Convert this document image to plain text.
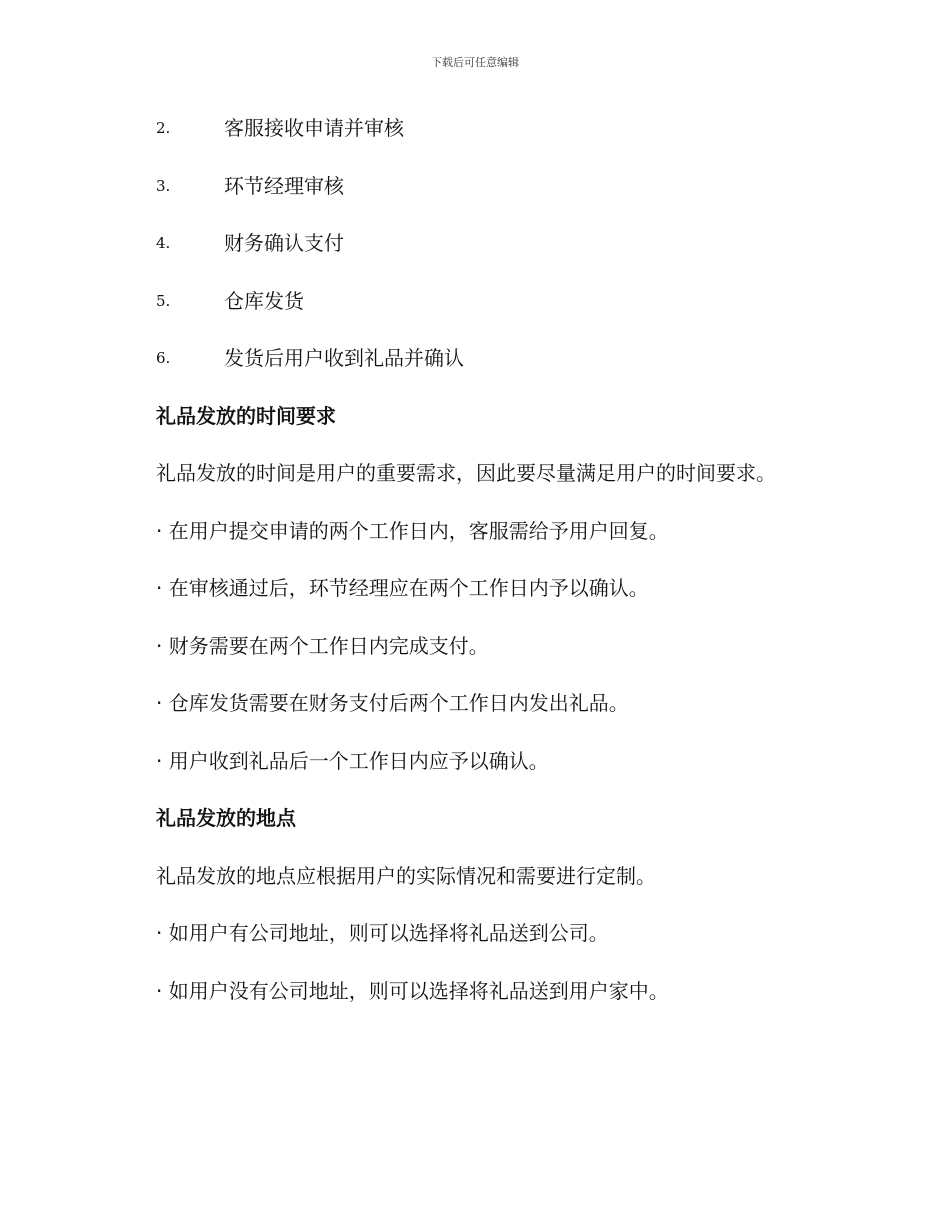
下载后可任意编辑
2.	客服接收申请并审核
3.	环节经理审核
4.	财务确认支付
5.	仓库发货
6.	发货后用户收到礼品并确认
礼品发放的时间要求
礼品发放的时间是用户的重要需求，因此要尽量满足用户的时间要求。
· 在用户提交申请的两个工作日内，客服需给予用户回复。
· 在审核通过后，环节经理应在两个工作日内予以确认。
· 财务需要在两个工作日内完成支付。
· 仓库发货需要在财务支付后两个工作日内发出礼品。
· 用户收到礼品后一个工作日内应予以确认。
礼品发放的地点
礼品发放的地点应根据用户的实际情况和需要进行定制。
· 如用户有公司地址，则可以选择将礼品送到公司。
· 如用户没有公司地址，则可以选择将礼品送到用户家中。
